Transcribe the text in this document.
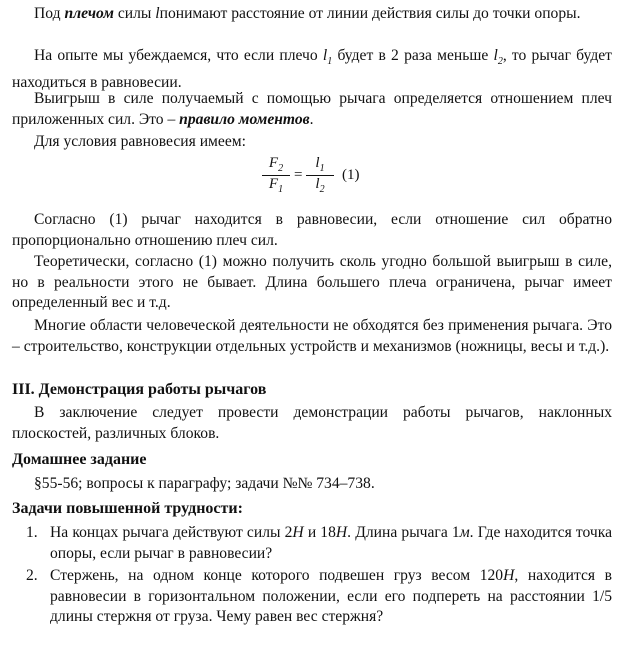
Под плечом силы lпонимают расстояние от линии действия силы до точки опоры.
На опыте мы убеждаемся, что если плечо $l_1$ будет в 2 раза меньше $l_2$, то рычаг будет находиться в равновесии.
Выигрыш в силе получаемый с помощью рычага определяется отношением плеч приложенных сил. Это – правило моментов.
Для условия равновесия имеем:
$\frac{F_2}{F_1} = \frac{l_1}{l_2} (1)$
Согласно (1) рычаг находится в равновесии, если отношение сил обратно пропорционально отношению плеч сил.
Теоретически, согласно (1) можно получить сколь угодно большой выигрыш в силе, но в реальности этого не бывает. Длина большего плеча ограничена, рычаг имеет определенный вес и т.д.
Многие области человеческой деятельности не обходятся без применения рычага. Это – строительство, конструкции отдельных устройств и механизмов (ножницы, весы и т.д.).
III. Демонстрация работы рычагов
В заключение следует провести демонстрации работы рычагов, наклонных плоскостей, различных блоков.
Домашнее задание
§55-56; вопросы к параграфу; задачи №№ 734–738.
Задачи повышенной трудности:
1. На концах рычага действуют силы 2Н и 18Н. Длина рычага 1м. Где находится точка опоры, если рычаг в равновесии?
2. Стержень, на одном конце которого подвешен груз весом 120Н, находится в равновесии в горизонтальном положении, если его подпереть на расстоянии 1/5 длины стержня от груза. Чему равен вес стержня?
